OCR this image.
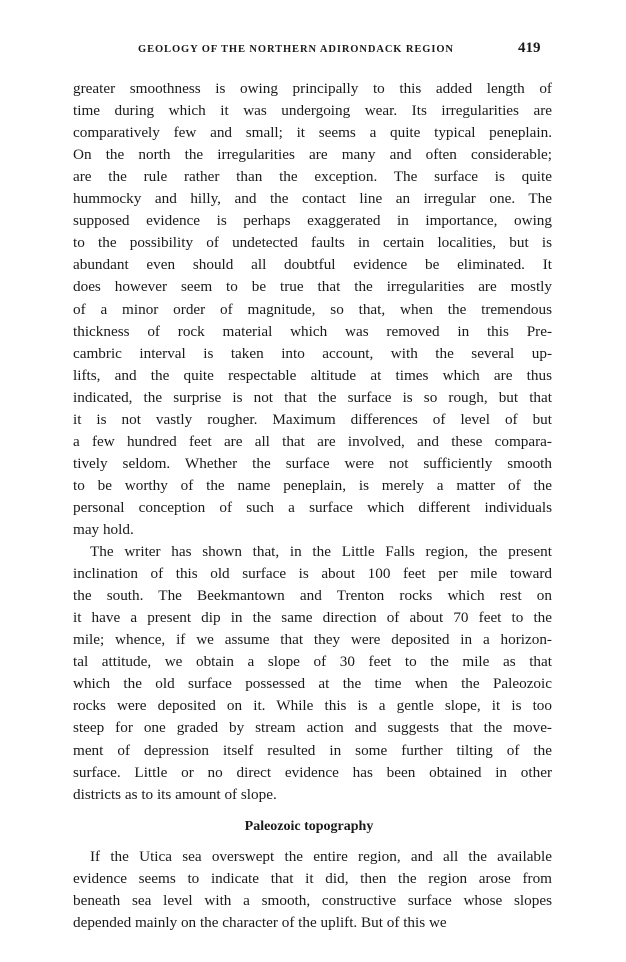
GEOLOGY OF THE NORTHERN ADIRONDACK REGION	419
greater smoothness is owing principally to this added length of
time during which it was undergoing wear. Its irregularities are
comparatively few and small; it seems a quite typical peneplain.
On the north the irregularities are many and often considerable;
are the rule rather than the exception. The surface is quite
hummocky and hilly, and the contact line an irregular one. The
supposed evidence is perhaps exaggerated in importance, owing
to the possibility of undetected faults in certain localities, but is
abundant even should all doubtful evidence be eliminated. It
does however seem to be true that the irregularities are mostly
of a minor order of magnitude, so that, when the tremendous
thickness of rock material which was removed in this Pre-
cambric interval is taken into account, with the several up-
lifts, and the quite respectable altitude at times which are thus
indicated, the surprise is not that the surface is so rough, but that
it is not vastly rougher. Maximum differences of level of but
a few hundred feet are all that are involved, and these compara-
tively seldom. Whether the surface were not sufficiently smooth
to be worthy of the name peneplain, is merely a matter of the
personal conception of such a surface which different individuals
may hold.
The writer has shown that, in the Little Falls region, the present
inclination of this old surface is about 100 feet per mile toward
the south. The Beekmantown and Trenton rocks which rest on
it have a present dip in the same direction of about 70 feet to the
mile; whence, if we assume that they were deposited in a horizon-
tal attitude, we obtain a slope of 30 feet to the mile as that
which the old surface possessed at the time when the Paleozoic
rocks were deposited on it. While this is a gentle slope, it is too
steep for one graded by stream action and suggests that the move-
ment of depression itself resulted in some further tilting of the
surface. Little or no direct evidence has been obtained in other
districts as to its amount of slope.
Paleozoic topography
If the Utica sea overswept the entire region, and all the available
evidence seems to indicate that it did, then the region arose from
beneath sea level with a smooth, constructive surface whose slopes
depended mainly on the character of the uplift. But of this we
